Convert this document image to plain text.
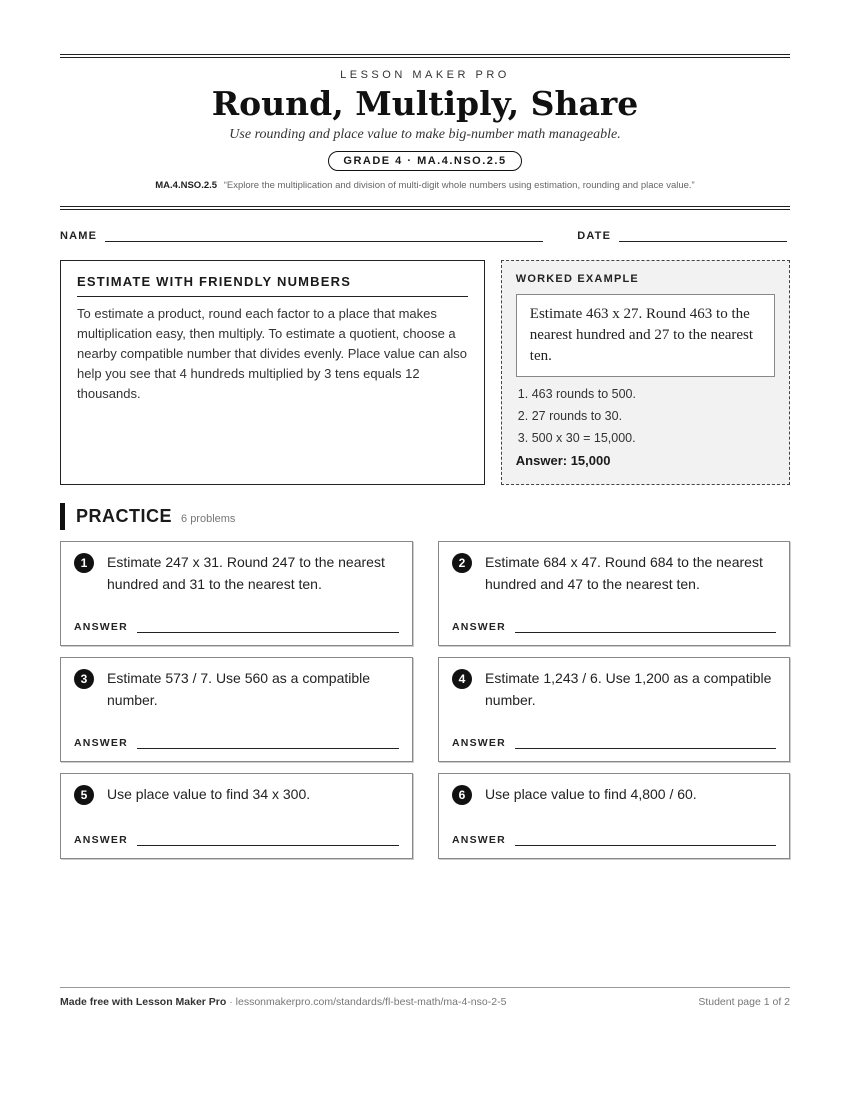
LESSON MAKER PRO
Round, Multiply, Share
Use rounding and place value to make big-number math manageable.
GRADE 4 · MA.4.NSO.2.5
MA.4.NSO.2.5 “Explore the multiplication and division of multi-digit whole numbers using estimation, rounding and place value.”
NAME	DATE
ESTIMATE WITH FRIENDLY NUMBERS

To estimate a product, round each factor to a place that makes multiplication easy, then multiply. To estimate a quotient, choose a nearby compatible number that divides evenly. Place value can also help you see that 4 hundreds multiplied by 3 tens equals 12 thousands.

WORKED EXAMPLE
Estimate 463 x 27. Round 463 to the nearest hundred and 27 to the nearest ten.
1. 463 rounds to 500.
2. 27 rounds to 30.
3. 500 x 30 = 15,000.
Answer: 15,000
PRACTICE 6 problems
1	Estimate 247 x 31. Round 247 to the nearest hundred and 31 to the nearest ten.
ANSWER
2	Estimate 684 x 47. Round 684 to the nearest hundred and 47 to the nearest ten.
ANSWER
3	Estimate 573 / 7. Use 560 as a compatible number.
ANSWER
4	Estimate 1,243 / 6. Use 1,200 as a compatible number.
ANSWER
5	Use place value to find 34 x 300.
ANSWER
6	Use place value to find 4,800 / 60.
ANSWER
Made free with Lesson Maker Pro · lessonmakerpro.com/standards/fl-best-math/ma-4-nso-2-5	Student page 1 of 2
